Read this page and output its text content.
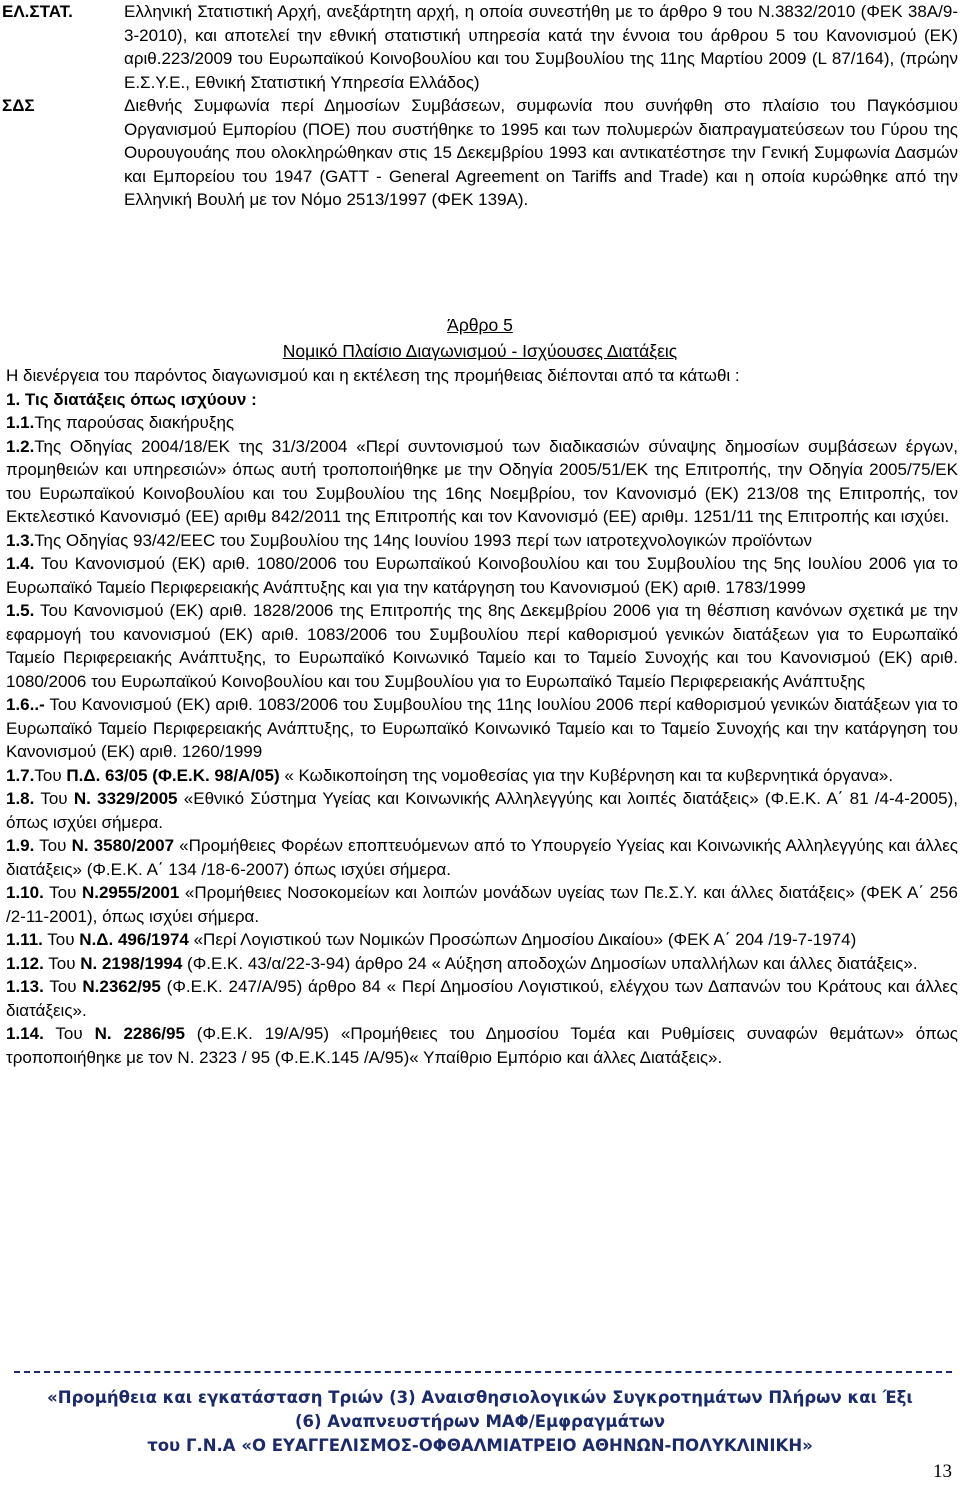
ΕΛ.ΣΤΑΤ.	Ελληνική Στατιστική Αρχή, ανεξάρτητη αρχή, η οποία συνεστήθη με το άρθρο 9 του Ν.3832/2010 (ΦΕΚ 38Α/9-3-2010), και αποτελεί την εθνική στατιστική υπηρεσία κατά την έννοια του άρθρου 5 του Κανονισμού (ΕΚ) αριθ.223/2009 του Ευρωπαϊκού Κοινοβουλίου και του Συμβουλίου της 11ης Μαρτίου 2009 (L 87/164), (πρώην Ε.Σ.Υ.Ε., Εθνική Στατιστική Υπηρεσία Ελλάδος)
ΣΔΣ	Διεθνής Συμφωνία περί Δημοσίων Συμβάσεων, συμφωνία που συνήφθη στο πλαίσιο του Παγκόσμιου Οργανισμού Εμπορίου (ΠΟΕ) που συστήθηκε το 1995 και των πολυμερών διαπραγματεύσεων του Γύρου της Ουρουγουάης που ολοκληρώθηκαν στις 15 Δεκεμβρίου 1993 και αντικατέστησε την Γενική Συμφωνία Δασμών και Εμπορείου του 1947 (GATT - General Agreement on Tariffs and Trade) και η οποία κυρώθηκε από την Ελληνική Βουλή με τον Νόμο 2513/1997 (ΦΕΚ 139Α).
Άρθρο 5
Νομικό Πλαίσιο Διαγωνισμού - Ισχύουσες Διατάξεις
Η διενέργεια του παρόντος διαγωνισμού και η εκτέλεση της προμήθειας διέπονται από τα κάτωθι :
1. Τις διατάξεις όπως ισχύουν :
1.1.Της παρούσας διακήρυξης
1.2.Της Οδηγίας 2004/18/ΕΚ της 31/3/2004 «Περί συντονισμού των διαδικασιών σύναψης δημοσίων συμβάσεων έργων, προμηθειών και υπηρεσιών» όπως αυτή τροποποιήθηκε με την Οδηγία 2005/51/ΕΚ της Επιτροπής, την Οδηγία 2005/75/ΕΚ του Ευρωπαϊκού Κοινοβουλίου και του Συμβουλίου της 16ης Νοεμβρίου, τον Κανονισμό (ΕΚ) 213/08 της Επιτροπής, τον Εκτελεστικό Κανονισμό (ΕΕ) αριθμ 842/2011 της Επιτροπής και τον Κανονισμό (ΕΕ) αριθμ. 1251/11 της Επιτροπής και ισχύει.
1.3.Της Οδηγίας 93/42/ΕΕC του Συμβουλίου της 14ης Ιουνίου 1993 περί των ιατροτεχνολογικών προϊόντων
1.4. Του Κανονισμού (ΕΚ) αριθ. 1080/2006 του Ευρωπαϊκού Κοινοβουλίου και του Συμβουλίου της 5ης Ιουλίου 2006 για το Ευρωπαϊκό Ταμείο Περιφερειακής Ανάπτυξης και για την κατάργηση του Κανονισμού (ΕΚ) αριθ. 1783/1999
1.5. Του Κανονισμού (ΕΚ) αριθ. 1828/2006 της Επιτροπής της 8ης Δεκεμβρίου 2006 για τη θέσπιση κανόνων σχετικά με την εφαρμογή του κανονισμού (ΕΚ) αριθ. 1083/2006 του Συμβουλίου περί καθορισμού γενικών διατάξεων για το Ευρωπαϊκό Ταμείο Περιφερειακής Ανάπτυξης, το Ευρωπαϊκό Κοινωνικό Ταμείο και το Ταμείο Συνοχής και του Κανονισμού (ΕΚ) αριθ. 1080/2006 του Ευρωπαϊκού Κοινοβουλίου και του Συμβουλίου για το Ευρωπαϊκό Ταμείο Περιφερειακής Ανάπτυξης
1.6..- Του Κανονισμού (ΕΚ) αριθ. 1083/2006 του Συμβουλίου της 11ης Ιουλίου 2006 περί καθορισμού γενικών διατάξεων για το Ευρωπαϊκό Ταμείο Περιφερειακής Ανάπτυξης, το Ευρωπαϊκό Κοινωνικό Ταμείο και το Ταμείο Συνοχής και την κατάργηση του Κανονισμού (ΕΚ) αριθ. 1260/1999
1.7.Του Π.Δ. 63/05 (Φ.Ε.Κ. 98/Α/05) « Κωδικοποίηση της νομοθεσίας για την Κυβέρνηση και τα κυβερνητικά όργανα».
1.8. Του Ν. 3329/2005 «Εθνικό Σύστημα Υγείας και Κοινωνικής Αλληλεγγύης και λοιπές διατάξεις» (Φ.Ε.Κ. Α΄ 81 /4-4-2005), όπως ισχύει σήμερα.
1.9. Του Ν. 3580/2007 «Προμήθειες Φορέων εποπτευόμενων από το Υπουργείο Υγείας και Κοινωνικής Αλληλεγγύης και άλλες διατάξεις» (Φ.Ε.Κ. Α΄ 134 /18-6-2007) όπως ισχύει σήμερα.
1.10. Του Ν.2955/2001 «Προμήθειες Νοσοκομείων και λοιπών μονάδων υγείας των Πε.Σ.Υ. και άλλες διατάξεις» (ΦΕΚ Α΄ 256 /2-11-2001), όπως ισχύει σήμερα.
1.11. Του Ν.Δ. 496/1974 «Περί Λογιστικού των Νομικών Προσώπων Δημοσίου Δικαίου» (ΦΕΚ Α΄ 204 /19-7-1974)
1.12. Του Ν. 2198/1994 (Φ.Ε.Κ. 43/α/22-3-94) άρθρο 24 « Αύξηση αποδοχών Δημοσίων υπαλλήλων και άλλες διατάξεις».
1.13. Του Ν.2362/95 (Φ.Ε.Κ. 247/Α/95) άρθρο 84 « Περί Δημοσίου Λογιστικού, ελέγχου των Δαπανών του Κράτους και άλλες διατάξεις».
1.14. Του Ν. 2286/95 (Φ.Ε.Κ. 19/Α/95) «Προμήθειες του Δημοσίου Τομέα και Ρυθμίσεις συναφών θεμάτων» όπως τροποποιήθηκε με τον Ν. 2323 / 95 (Φ.Ε.Κ.145 /Α/95)« Υπαίθριο Εμπόριο και άλλες Διατάξεις».
«Προμήθεια και εγκατάσταση Τριών (3) Αναισθησιολογικών Συγκροτημάτων Πλήρων και Έξι
(6) Αναπνευστήρων ΜΑΦ/Εμφραγμάτων
του Γ.Ν.Α «Ο ΕΥΑΓΓΕΛΙΣΜΟΣ-ΟΦΘΑΛΜΙΑΤΡΕΙΟ ΑΘΗΝΩΝ-ΠΟΛΥΚΛΙΝΙΚΗ»
13
